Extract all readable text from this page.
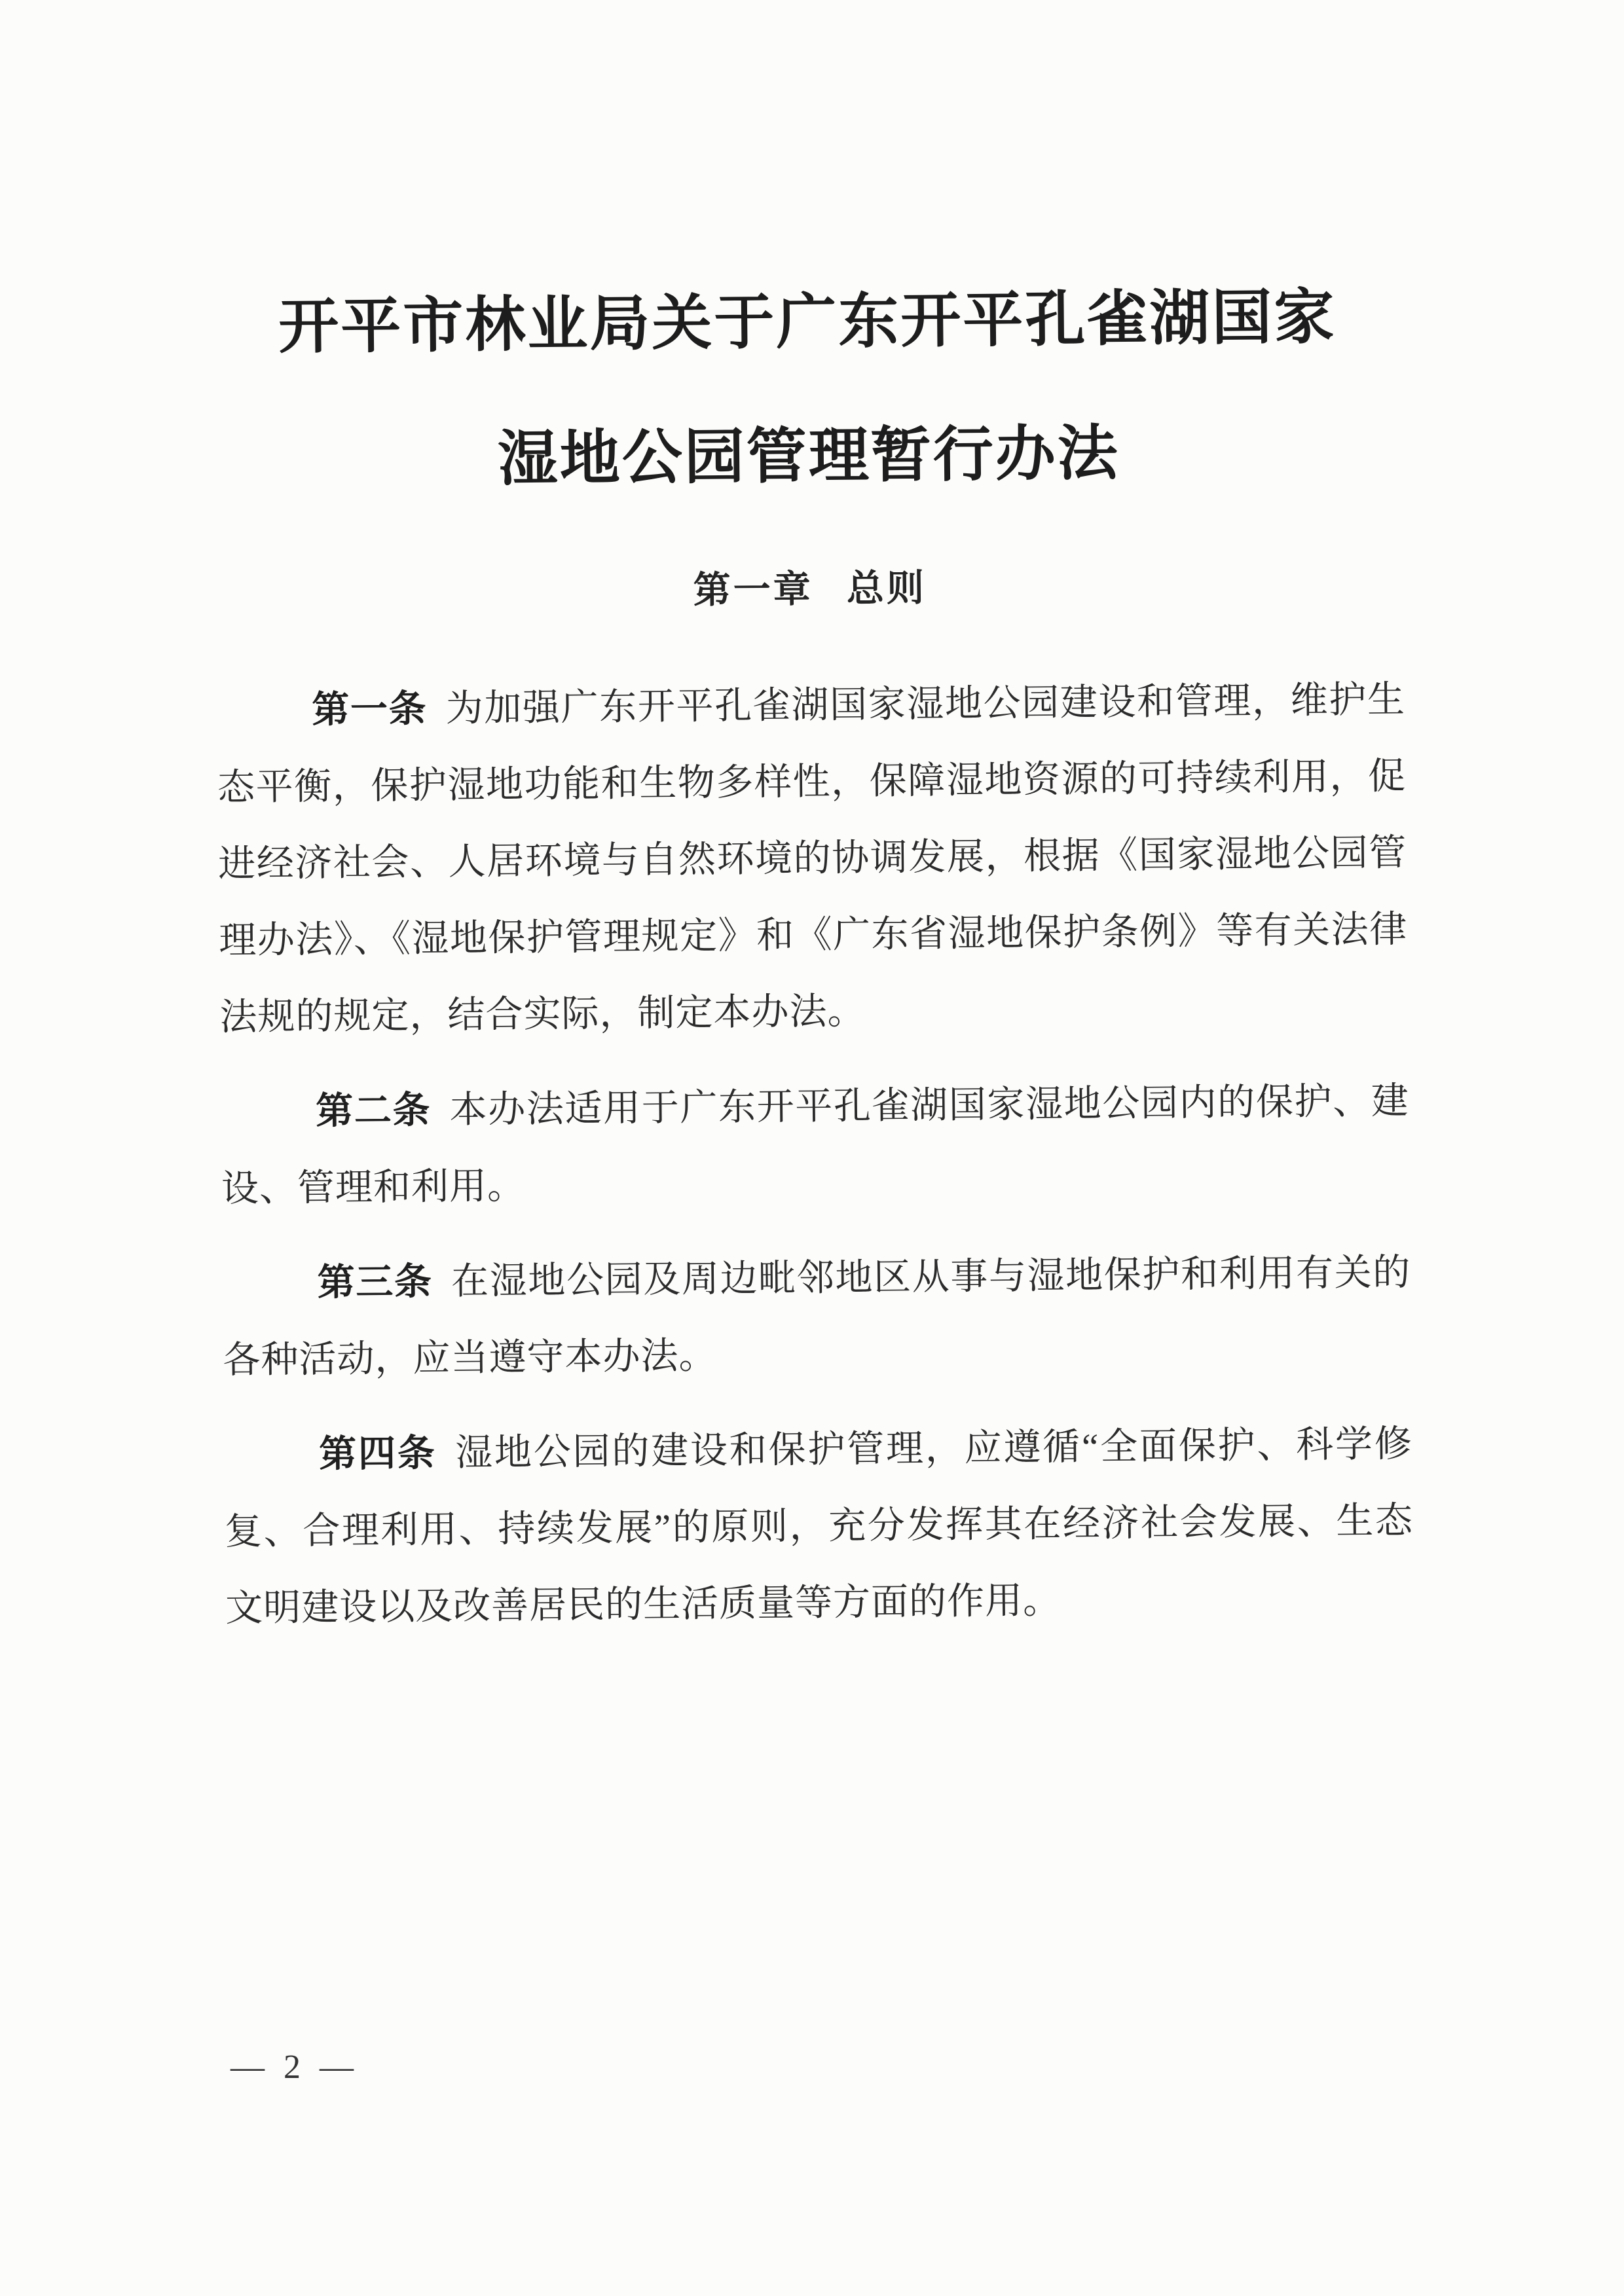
开平市林业局关于广东开平孔雀湖国家
湿地公园管理暂行办法
第一章 总则

第一条 为加强广东开平孔雀湖国家湿地公园建设和管理，维护生态平衡，保护湿地功能和生物多样性，保障湿地资源的可持续利用，促进经济社会、人居环境与自然环境的协调发展，根据《国家湿地公园管理办法》、《湿地保护管理规定》和《广东省湿地保护条例》等有关法律法规的规定，结合实际，制定本办法。

第二条 本办法适用于广东开平孔雀湖国家湿地公园内的保护、建设、管理和利用。

第三条 在湿地公园及周边毗邻地区从事与湿地保护和利用有关的各种活动，应当遵守本办法。

第四条 湿地公园的建设和保护管理，应遵循“全面保护、科学修复、合理利用、持续发展”的原则，充分发挥其在经济社会发展、生态文明建设以及改善居民的生活质量等方面的作用。

— 2 —
